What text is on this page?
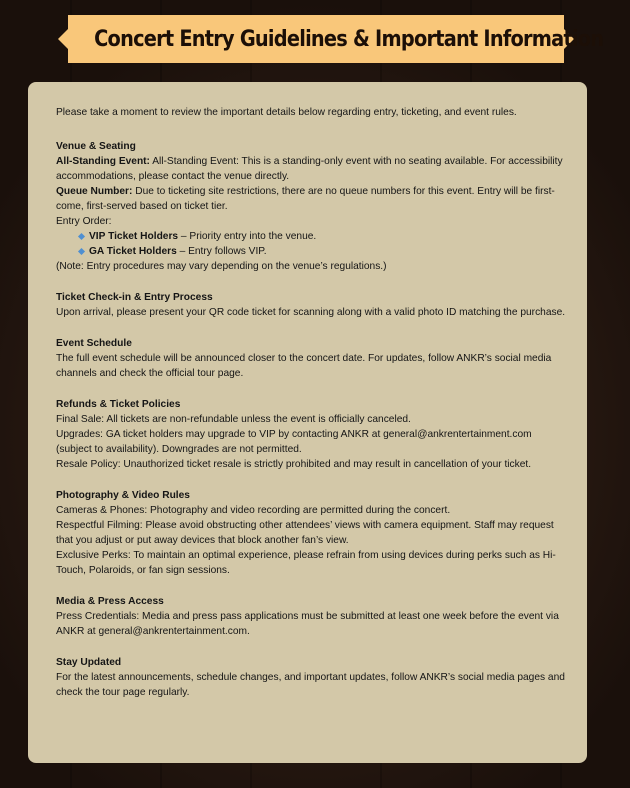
Concert Entry Guidelines & Important Information

Please take a moment to review the important details below regarding entry, ticketing, and event rules.

Venue & Seating

All-Standing Event: All-Standing Event: This is a standing-only event with no seating available. For accessibility accommodations, please contact the venue directly.

Queue Number: Due to ticketing site restrictions, there are no queue numbers for this event. Entry will be first-come, first-served based on ticket tier.

Entry Order:

VIP Ticket Holders – Priority entry into the venue.

GA Ticket Holders – Entry follows VIP.

(Note: Entry procedures may vary depending on the venue’s regulations.)

Ticket Check-in & Entry Process

Upon arrival, please present your QR code ticket for scanning along with a valid photo ID matching the purchase.

Event Schedule

The full event schedule will be announced closer to the concert date. For updates, follow ANKR’s social media channels and check the official tour page.

Refunds & Ticket Policies

Final Sale: All tickets are non-refundable unless the event is officially canceled.

Upgrades: GA ticket holders may upgrade to VIP by contacting ANKR at general@ankrentertainment.com (subject to availability). Downgrades are not permitted.

Resale Policy: Unauthorized ticket resale is strictly prohibited and may result in cancellation of your ticket.

Photography & Video Rules

Cameras & Phones: Photography and video recording are permitted during the concert.

Respectful Filming: Please avoid obstructing other attendees’ views with camera equipment. Staff may request that you adjust or put away devices that block another fan’s view.

Exclusive Perks: To maintain an optimal experience, please refrain from using devices during perks such as Hi-Touch, Polaroids, or fan sign sessions.

Media & Press Access

Press Credentials: Media and press pass applications must be submitted at least one week before the event via ANKR at general@ankrentertainment.com.

Stay Updated

For the latest announcements, schedule changes, and important updates, follow ANKR’s social media pages and check the tour page regularly.
